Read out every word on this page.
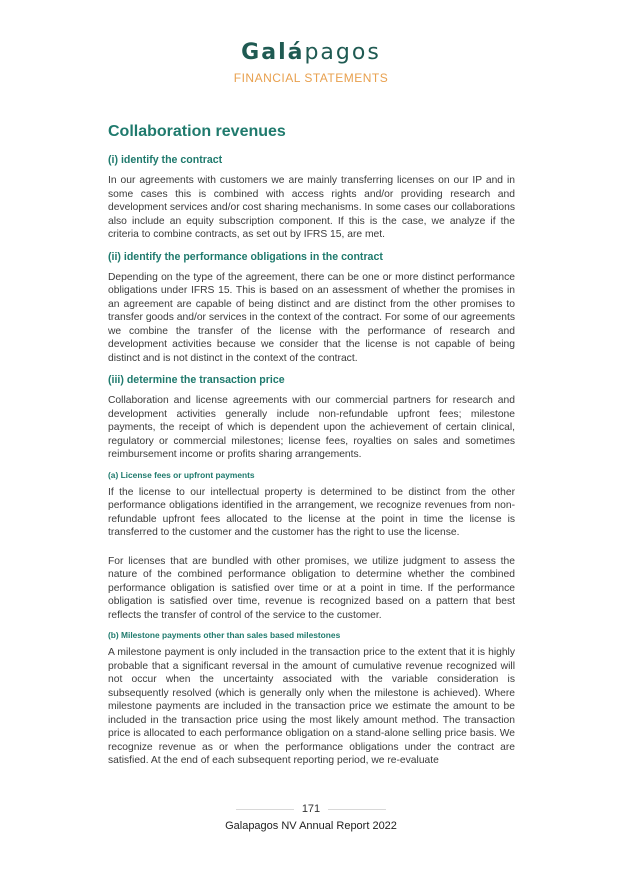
Galápagos
FINANCIAL STATEMENTS
Collaboration revenues
(i) identify the contract

In our agreements with customers we are mainly transferring licenses on our IP and in some cases this is combined with access rights and/or providing research and development services and/or cost sharing mechanisms. In some cases our collaborations also include an equity subscription component. If this is the case, we analyze if the criteria to combine contracts, as set out by IFRS 15, are met.

(ii) identify the performance obligations in the contract

Depending on the type of the agreement, there can be one or more distinct performance obligations under IFRS 15. This is based on an assessment of whether the promises in an agreement are capable of being distinct and are distinct from the other promises to transfer goods and/or services in the context of the contract. For some of our agreements we combine the transfer of the license with the performance of research and development activities because we consider that the license is not capable of being distinct and is not distinct in the context of the contract.

(iii) determine the transaction price

Collaboration and license agreements with our commercial partners for research and development activities generally include non-refundable upfront fees; milestone payments, the receipt of which is dependent upon the achievement of certain clinical, regulatory or commercial milestones; license fees, royalties on sales and sometimes reimbursement income or profits sharing arrangements.

(a) License fees or upfront payments

If the license to our intellectual property is determined to be distinct from the other performance obligations identified in the arrangement, we recognize revenues from non-refundable upfront fees allocated to the license at the point in time the license is transferred to the customer and the customer has the right to use the license.

For licenses that are bundled with other promises, we utilize judgment to assess the nature of the combined performance obligation to determine whether the combined performance obligation is satisfied over time or at a point in time. If the performance obligation is satisfied over time, revenue is recognized based on a pattern that best reflects the transfer of control of the service to the customer.

(b) Milestone payments other than sales based milestones

A milestone payment is only included in the transaction price to the extent that it is highly probable that a significant reversal in the amount of cumulative revenue recognized will not occur when the uncertainty associated with the variable consideration is subsequently resolved (which is generally only when the milestone is achieved). Where milestone payments are included in the transaction price we estimate the amount to be included in the transaction price using the most likely amount method. The transaction price is allocated to each performance obligation on a stand-alone selling price basis. We recognize revenue as or when the performance obligations under the contract are satisfied. At the end of each subsequent reporting period, we re-evaluate

171
Galapagos NV Annual Report 2022
